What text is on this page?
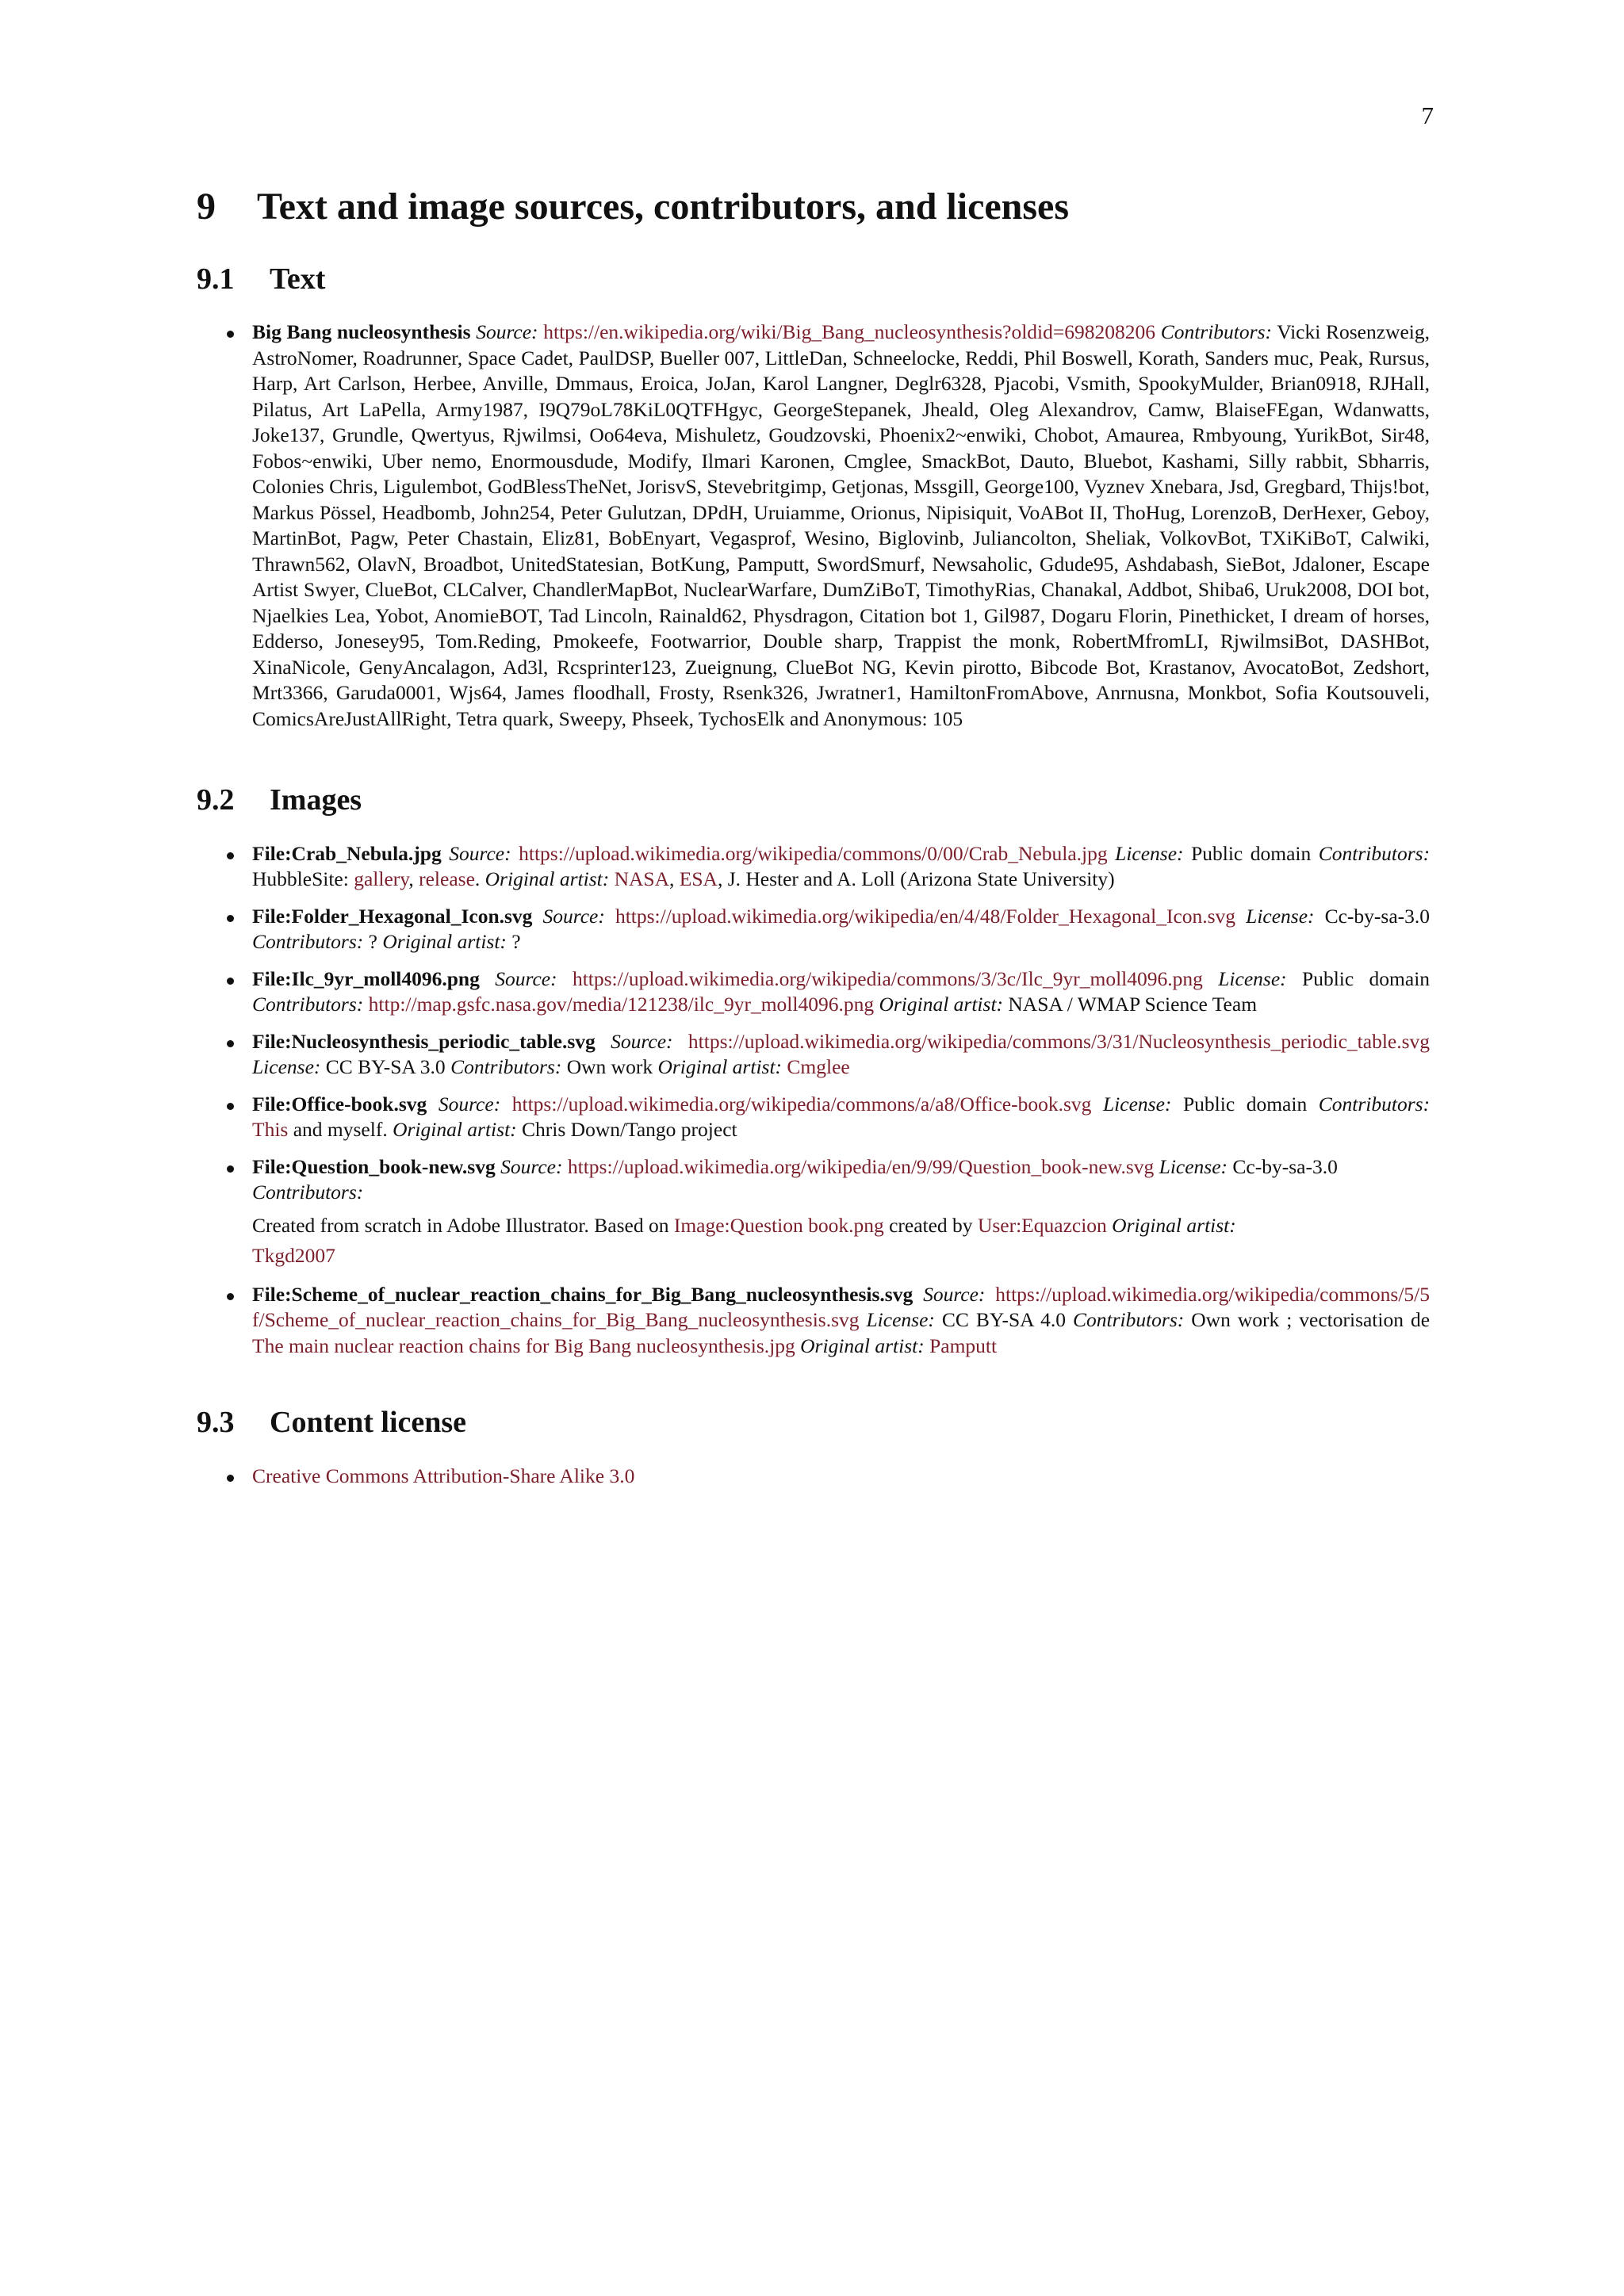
7
9 Text and image sources, contributors, and licenses
9.1 Text
Big Bang nucleosynthesis Source: https://en.wikipedia.org/wiki/Big_Bang_nucleosynthesis?oldid=698208206 Contributors: Vicki Rosenzweig, AstroNomer, Roadrunner, Space Cadet, PaulDSP, Bueller 007, LittleDan, Schneelocke, Reddi, Phil Boswell, Korath, Sanders muc, Peak, Rursus, Harp, Art Carlson, Herbee, Anville, Dmmaus, Eroica, JoJan, Karol Langner, Deglr6328, Pjacobi, Vsmith, SpookyMulder, Brian0918, RJHall, Pilatus, Art LaPella, Army1987, I9Q79oL78KiL0QTFHgyc, GeorgeStepanek, Jheald, Oleg Alexandrov, Camw, BlaiseFEgan, Wdanwatts, Joke137, Grundle, Qwertyus, Rjwilmsi, Oo64eva, Mishuletz, Goudzovski, Phoenix2~enwiki, Chobot, Amaurea, Rmbyoung, YurikBot, Sir48, Fobos~enwiki, Uber nemo, Enormousdude, Modify, Ilmari Karonen, Cmglee, SmackBot, Dauto, Bluebot, Kashami, Silly rabbit, Sbharris, Colonies Chris, Ligulembot, GodBlessTheNet, JorisvS, Stevebritgimp, Getjonas, Mssgill, George100, Vyznev Xnebara, Jsd, Gregbard, Thijs!bot, Markus Pössel, Headbomb, John254, Peter Gulutzan, DPdH, Uruiamme, Orionus, Nipisiquit, VoABot II, ThoHug, LorenzoB, DerHexer, Geboy, MartinBot, Pagw, Peter Chastain, Eliz81, BobEnyart, Vegasprof, Wesino, Biglovinb, Juliancolton, Sheliak, VolkovBot, TXiKiBoT, Calwiki, Thrawn562, OlavN, Broadbot, UnitedStatesian, BotKung, Pamputt, SwordSmurf, Newsaholic, Gdude95, Ashdabash, SieBot, Jdaloner, Escape Artist Swyer, ClueBot, CLCalver, ChandlerMapBot, NuclearWarfare, DumZiBoT, TimothyRias, Chanakal, Addbot, Shiba6, Uruk2008, DOI bot, Njaelkies Lea, Yobot, AnomieBOT, Tad Lincoln, Rainald62, Physdragon, Citation bot 1, Gil987, Dogaru Florin, Pinethicket, I dream of horses, Edderso, Jonesey95, Tom.Reding, Pmokeefe, Footwarrior, Double sharp, Trappist the monk, RobertMfromLI, RjwilmsiBot, DASHBot, XinaNicole, GenyAncalagon, Ad3l, Rcsprinter123, Zueignung, ClueBot NG, Kevin pirotto, Bibcode Bot, Krastanov, AvocatoBot, Zedshort, Mrt3366, Garuda0001, Wjs64, James floodhall, Frosty, Rsenk326, Jwratner1, HamiltonFromAbove, Anrnusna, Monkbot, Sofia Koutsouveli, ComicsAreJustAllRight, Tetra quark, Sweepy, Phseek, TychosElk and Anonymous: 105
9.2 Images
File:Crab_Nebula.jpg Source: https://upload.wikimedia.org/wikipedia/commons/0/00/Crab_Nebula.jpg License: Public domain Contributors: HubbleSite: gallery, release. Original artist: NASA, ESA, J. Hester and A. Loll (Arizona State University)
File:Folder_Hexagonal_Icon.svg Source: https://upload.wikimedia.org/wikipedia/en/4/48/Folder_Hexagonal_Icon.svg License: Cc-by-sa-3.0 Contributors: ? Original artist: ?
File:Ilc_9yr_moll4096.png Source: https://upload.wikimedia.org/wikipedia/commons/3/3c/Ilc_9yr_moll4096.png License: Public domain Contributors: http://map.gsfc.nasa.gov/media/121238/ilc_9yr_moll4096.png Original artist: NASA / WMAP Science Team
File:Nucleosynthesis_periodic_table.svg Source: https://upload.wikimedia.org/wikipedia/commons/3/31/Nucleosynthesis_periodic_table.svg License: CC BY-SA 3.0 Contributors: Own work Original artist: Cmglee
File:Office-book.svg Source: https://upload.wikimedia.org/wikipedia/commons/a/a8/Office-book.svg License: Public domain Contributors: This and myself. Original artist: Chris Down/Tango project
File:Question_book-new.svg Source: https://upload.wikimedia.org/wikipedia/en/9/99/Question_book-new.svg License: Cc-by-sa-3.0
Contributors:
Created from scratch in Adobe Illustrator. Based on Image:Question book.png created by User:Equazcion Original artist:
Tkgd2007
File:Scheme_of_nuclear_reaction_chains_for_Big_Bang_nucleosynthesis.svg Source: https://upload.wikimedia.org/wikipedia/commons/5/5f/Scheme_of_nuclear_reaction_chains_for_Big_Bang_nucleosynthesis.svg License: CC BY-SA 4.0 Contributors: Own work ; vectorisation de The main nuclear reaction chains for Big Bang nucleosynthesis.jpg Original artist: Pamputt
9.3 Content license
Creative Commons Attribution-Share Alike 3.0
